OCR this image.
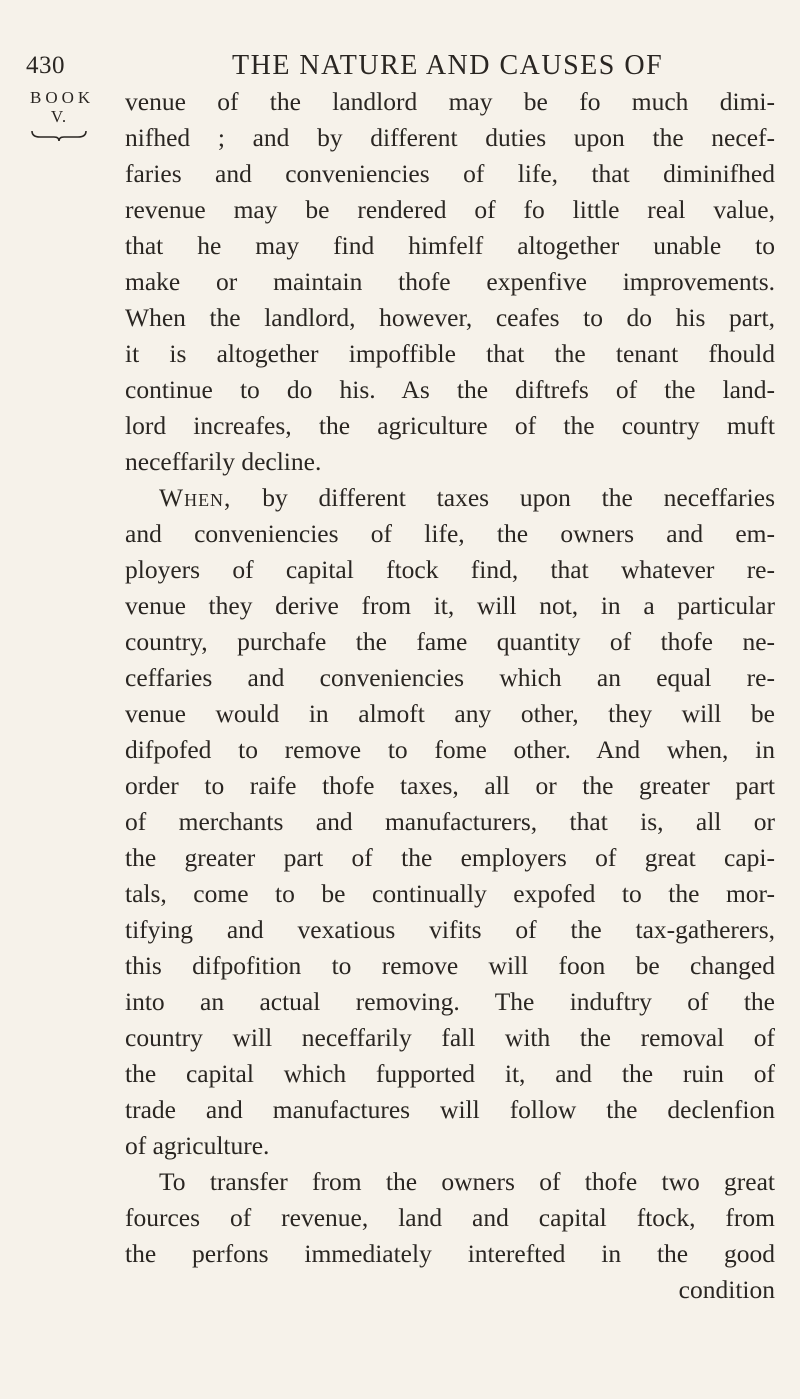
430	THE NATURE AND CAUSES OF
BOOK
V.
venue of the landlord may be fo much dimi-
nifhed ; and by different duties upon the necef-
faries and conveniencies of life, that diminifhed
revenue may be rendered of fo little real value,
that he may find himfelf altogether unable to
make or maintain thofe expenfive improvements.
When the landlord, however, ceafes to do his part,
it is altogether impoffible that the tenant fhould
continue to do his. As the diftrefs of the land-
lord increafes, the agriculture of the country muft
neceffarily decline.
When, by different taxes upon the neceffaries
and conveniencies of life, the owners and em-
ployers of capital ftock find, that whatever re-
venue they derive from it, will not, in a particular
country, purchafe the fame quantity of thofe ne-
ceffaries and conveniencies which an equal re-
venue would in almoft any other, they will be
difpofed to remove to fome other. And when, in
order to raife thofe taxes, all or the greater part
of merchants and manufacturers, that is, all or
the greater part of the employers of great capi-
tals, come to be continually expofed to the mor-
tifying and vexatious vifits of the tax-gatherers,
this difpofition to remove will foon be changed
into an actual removing. The induftry of the
country will neceffarily fall with the removal of
the capital which fupported it, and the ruin of
trade and manufactures will follow the declenfion
of agriculture.
To transfer from the owners of thofe two great
fources of revenue, land and capital ftock, from
the perfons immediately interefted in the good
condition
